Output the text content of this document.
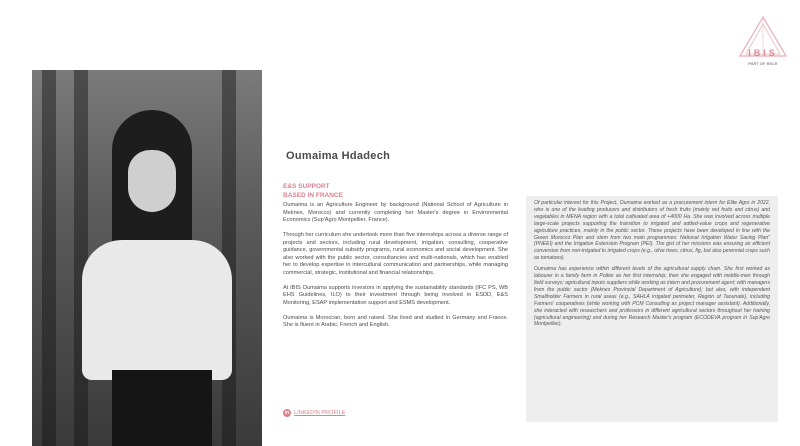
IBIS
PART OF ⊕SLR
Oumaima Hdadech
E&S SUPPORT
BASED IN FRANCE

Oumaima is an Agriculture Engineer by background (National School of Agriculture in Meknes, Morocco) and currently completing her Master's degree in Environmental Economics (Sup'Agro Montpellier, France).

Through her curriculum she undertook more than five internships across a diverse range of projects and sectors, including rural development, irrigation, consulting, cooperative guidance, governmental subsidy programs, rural economics and social development. She also worked with the public sector, consultancies and multi-nationals, which has enabled her to develop expertise in intercultural communication and partnerships, while managing commercial, strategic, institutional and financial relationships.

At IBIS Oumaima supports investors in applying the sustainability standards (IFC PS, WB EHS Guidelines, ILO) to their investment through being involved in ESDD, E&S Monitoring, ESAP implementation support and ESMS development.

Oumaima is Moroccan, born and raised. She lived and studied in Germany and France. She is fluent in Arabic, French and English.

in LINKEDIN PROFILE

Of particular interest for this Project, Oumaima worked as a procurement intern for Elite Agro in 2022, who is one of the leading producers and distributors of fresh fruits (mainly red fruits and citrus) and vegetables in MENA region with a total cultivated area of +4000 Ha. She was involved across multiple large-scale projects supporting the transition to irrigated and added-value crops and regenerative agriculture practices, mainly in the public sector. These projects have been developed in line with the Green Morocco Plan and stem from two main programmes: National Irrigation Water Saving Plan" (PNEEI) and the Irrigation Extension Program (PEI). The gist of her missions was ensuring an efficient conversion from non-irrigated to irrigated crops (e.g., olive trees, citrus, fig, but also perennial crops such as tomatoes).

Oumaima has experience within different levels of the agricultural supply chain. She first worked as labourer in a family farm in Poitier as her first internship, then she engaged with middle-men through field surveys; agricultural inputs suppliers while working as intern and procurement agent; with managers from the public sector (Meknes Provincial Department of Agriculture); but also, with independent Smallholder Farmers in rural areas (e.g., SAHLA irrigated perimeter, Region of Taounate), including Farmers' cooperatives (while working with PCM Consulting as project manager assistant). Additionally, she interacted with researchers and professors in different agricultural sectors throughout her training (agricultural engineering) and during her Research Master's program (ECODEVA program in Sup'Agro Montpellier).
